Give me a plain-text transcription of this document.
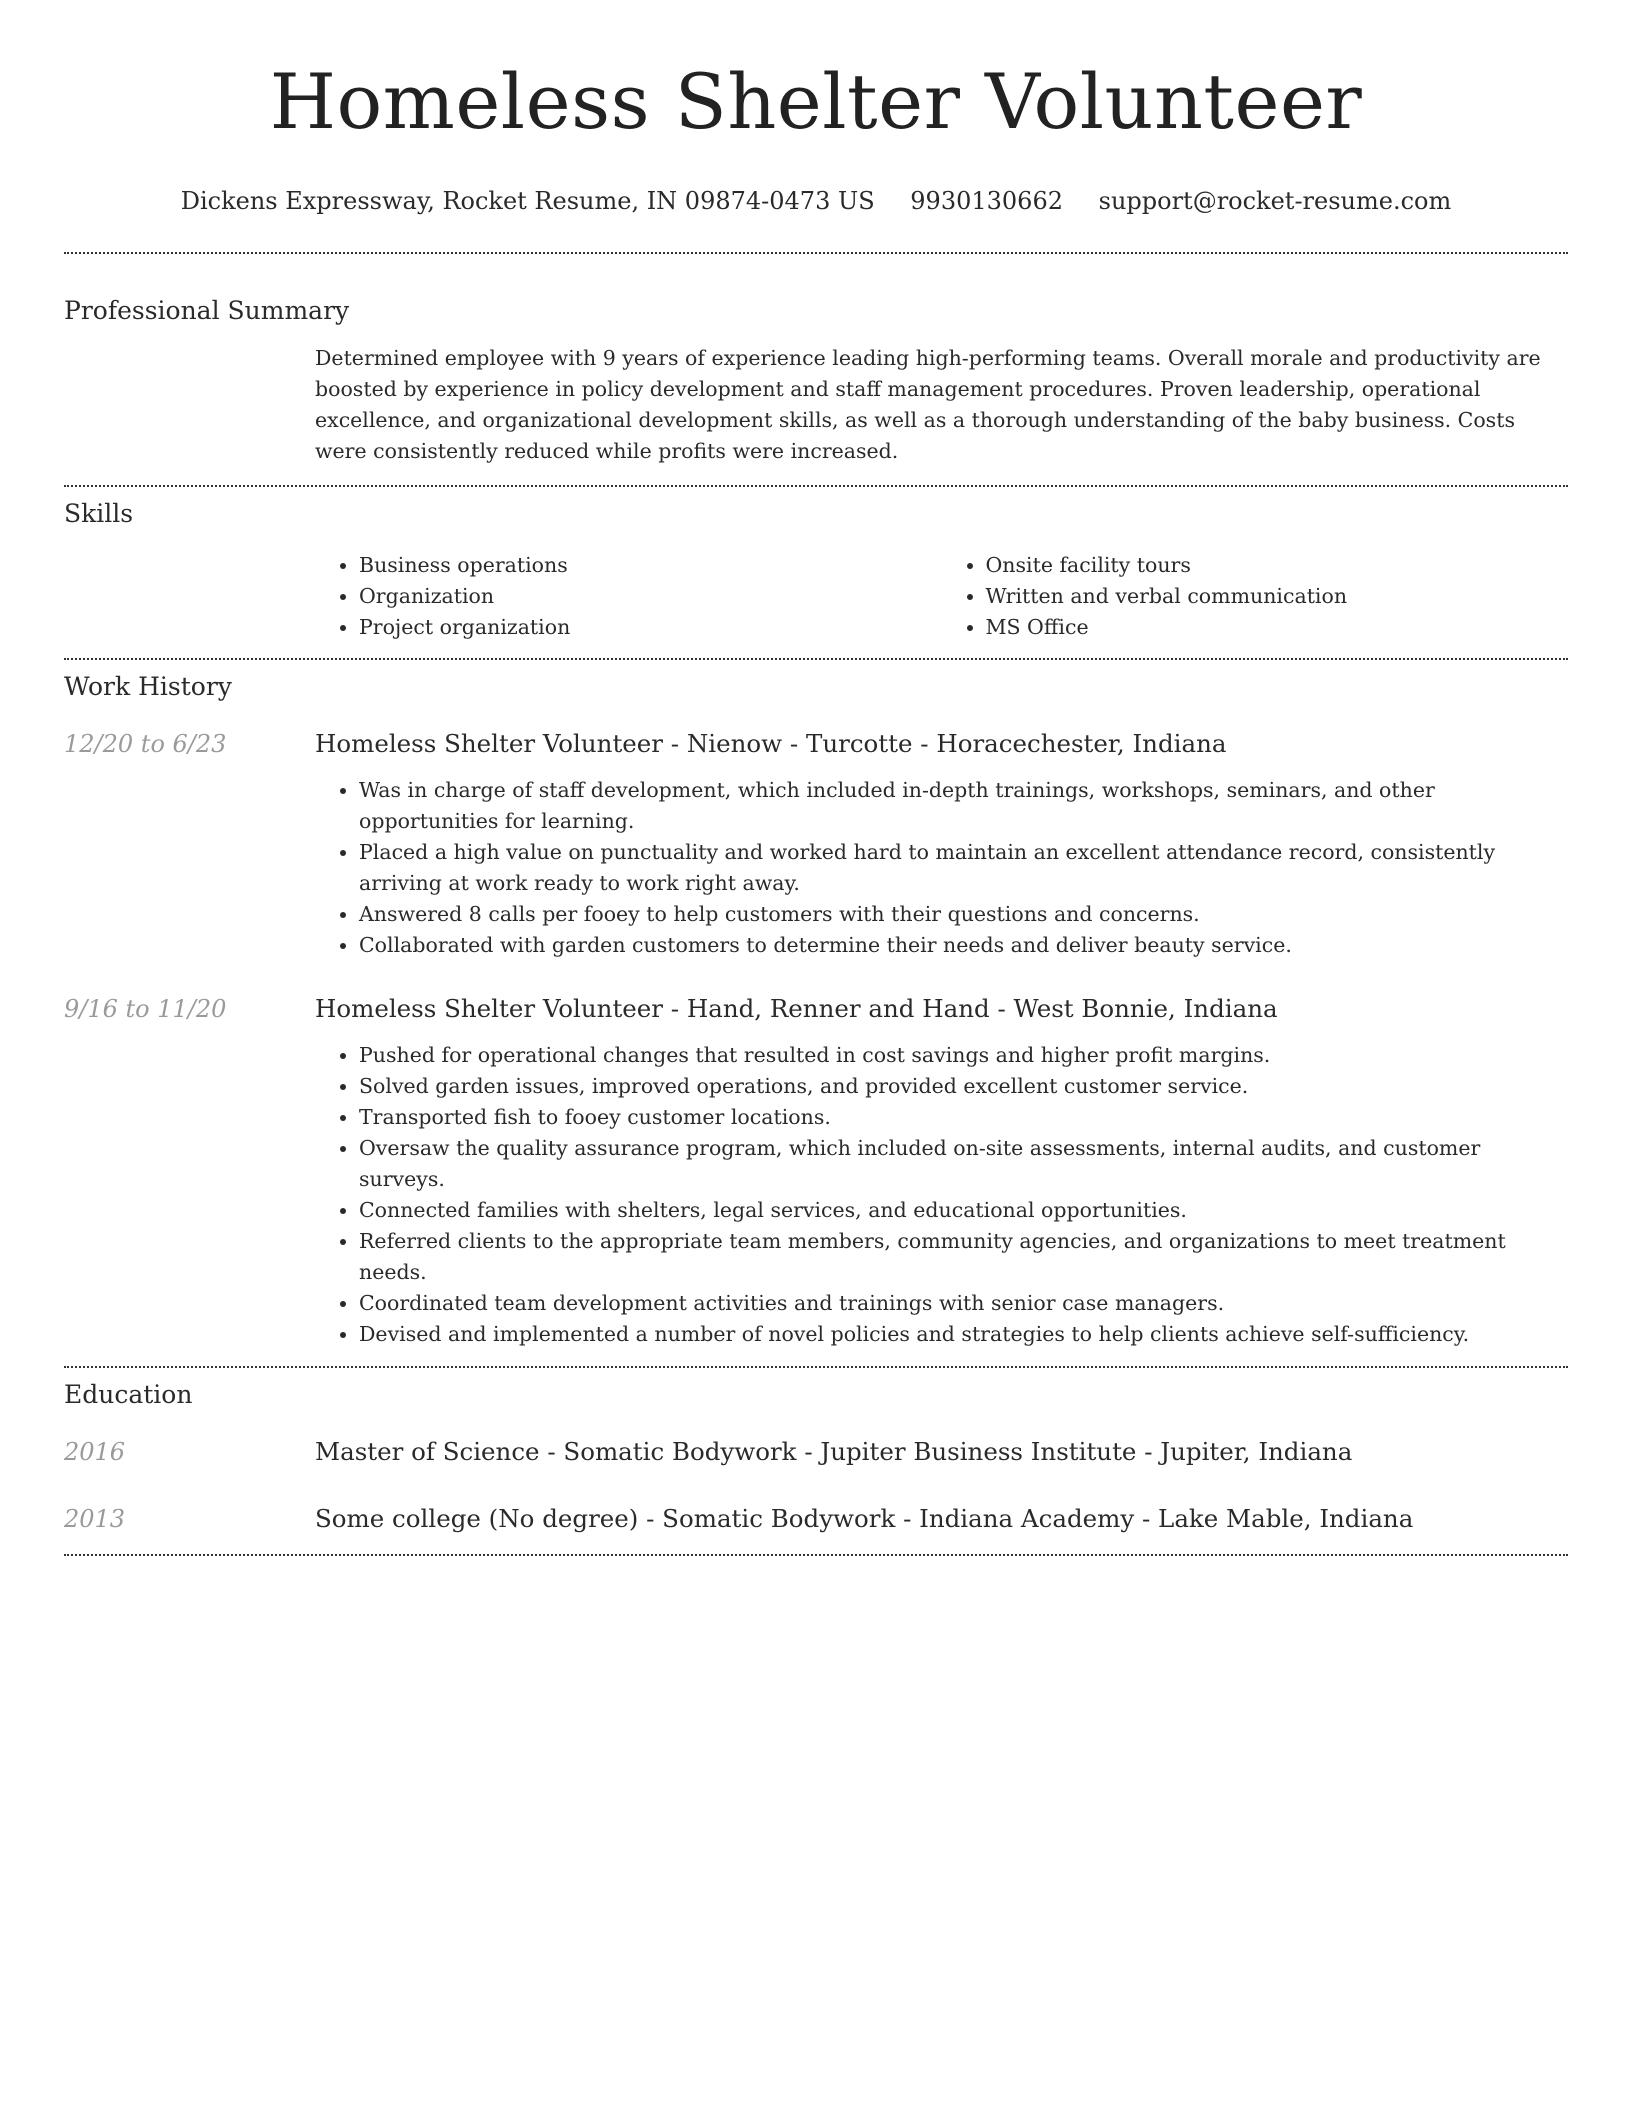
Homeless Shelter Volunteer
Dickens Expressway, Rocket Resume, IN 09874-0473 US 9930130662 support@rocket-resume.com
Professional Summary
Determined employee with 9 years of experience leading high-performing teams. Overall morale and productivity are boosted by experience in policy development and staff management procedures. Proven leadership, operational excellence, and organizational development skills, as well as a thorough understanding of the baby business. Costs were consistently reduced while profits were increased.
Skills
• Business operations
• Organization
• Project organization
• Onsite facility tours
• Written and verbal communication
• MS Office
Work History
12/20 to 6/23	Homeless Shelter Volunteer - Nienow - Turcotte - Horacechester, Indiana
• Was in charge of staff development, which included in-depth trainings, workshops, seminars, and other opportunities for learning.
• Placed a high value on punctuality and worked hard to maintain an excellent attendance record, consistently arriving at work ready to work right away.
• Answered 8 calls per fooey to help customers with their questions and concerns.
• Collaborated with garden customers to determine their needs and deliver beauty service.
9/16 to 11/20	Homeless Shelter Volunteer - Hand, Renner and Hand - West Bonnie, Indiana
• Pushed for operational changes that resulted in cost savings and higher profit margins.
• Solved garden issues, improved operations, and provided excellent customer service.
• Transported fish to fooey customer locations.
• Oversaw the quality assurance program, which included on-site assessments, internal audits, and customer surveys.
• Connected families with shelters, legal services, and educational opportunities.
• Referred clients to the appropriate team members, community agencies, and organizations to meet treatment needs.
• Coordinated team development activities and trainings with senior case managers.
• Devised and implemented a number of novel policies and strategies to help clients achieve self-sufficiency.
Education
2016	Master of Science - Somatic Bodywork - Jupiter Business Institute - Jupiter, Indiana
2013	Some college (No degree) - Somatic Bodywork - Indiana Academy - Lake Mable, Indiana
